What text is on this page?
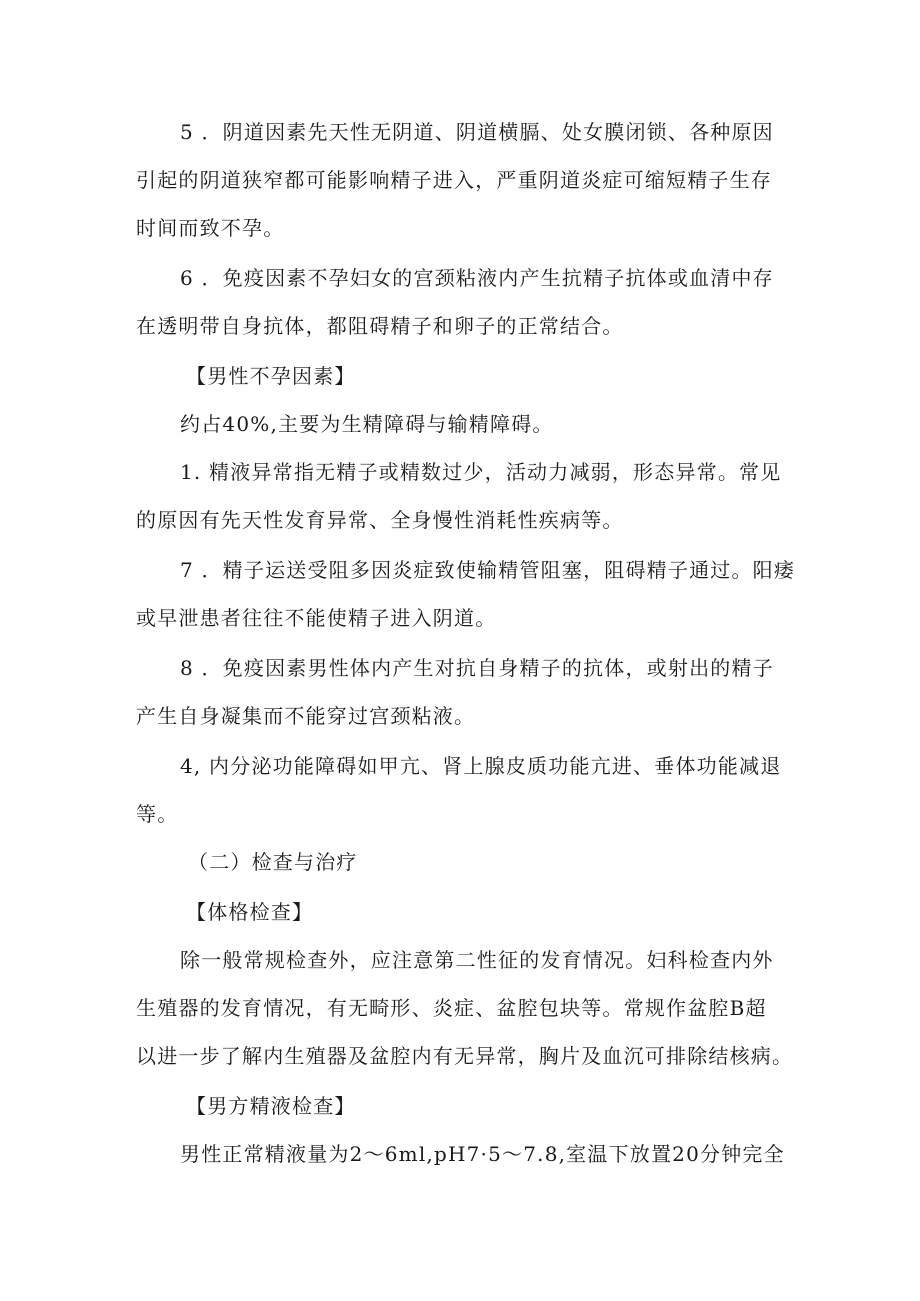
5 ．阴道因素先天性无阴道、阴道横膈、处女膜闭锁、各种原因
引起的阴道狭窄都可能影响精子进入，严重阴道炎症可缩短精子生存
时间而致不孕。
6 ．免疫因素不孕妇女的宫颈粘液内产生抗精子抗体或血清中存
在透明带自身抗体，都阻碍精子和卵子的正常结合。
【男性不孕因素】
约占40%,主要为生精障碍与输精障碍。
1. 精液异常指无精子或精数过少，活动力减弱，形态异常。常见
的原因有先天性发育异常、全身慢性消耗性疾病等。
7 ．精子运送受阻多因炎症致使输精管阻塞，阻碍精子通过。阳痿
或早泄患者往往不能使精子进入阴道。
8 ．免疫因素男性体内产生对抗自身精子的抗体，或射出的精子
产生自身凝集而不能穿过宫颈粘液。
4, 内分泌功能障碍如甲亢、肾上腺皮质功能亢进、垂体功能减退
等。
（二）检查与治疗
【体格检查】
除一般常规检查外，应注意第二性征的发育情况。妇科检查内外
生殖器的发育情况，有无畸形、炎症、盆腔包块等。常规作盆腔B超
以进一步了解内生殖器及盆腔内有无异常，胸片及血沉可排除结核病。
【男方精液检查】
男性正常精液量为2～6ml,pH7·5～7.8,室温下放置20分钟完全
